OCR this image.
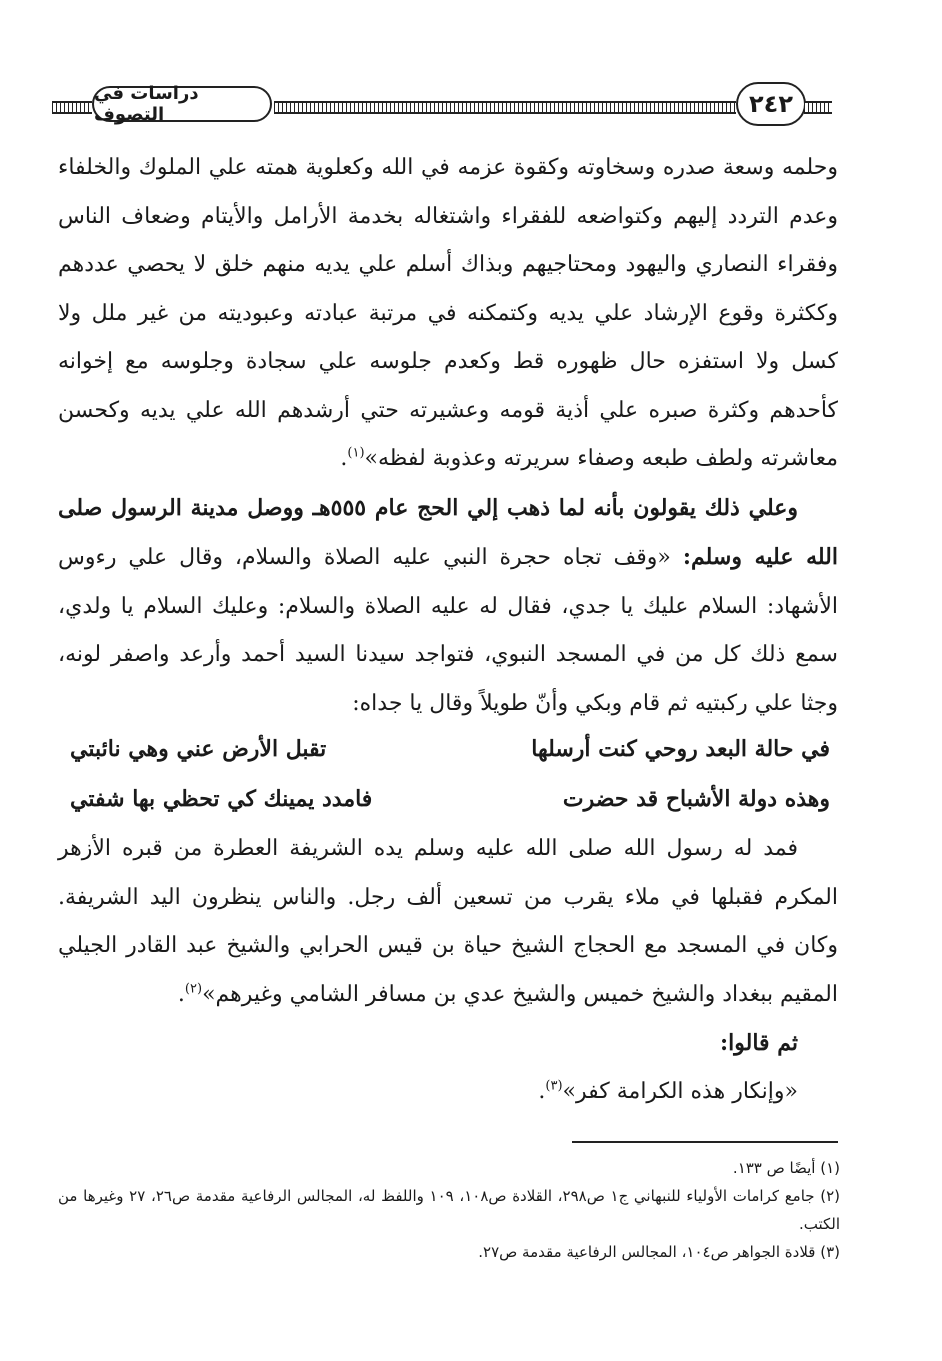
دراسات في التصوف	٢٤٢

وحلمه وسعة صدره وسخاوته وكقوة عزمه في الله وكعلوية همته علي الملوك والخلفاء وعدم التردد إليهم وكتواضعه للفقراء واشتغاله بخدمة الأرامل والأيتام وضعاف الناس وفقراء النصاري واليهود ومحتاجيهم وبذاك أسلم علي يديه منهم خلق لا يحصي عددهم وككثرة وقوع الإرشاد علي يديه وكتمكنه في مرتبة عبادته وعبوديته من غير ملل ولا كسل ولا استفزه حال ظهوره قط وكعدم جلوسه علي سجادة وجلوسه مع إخوانه كأحدهم وكثرة صبره علي أذية قومه وعشيرته حتي أرشدهم الله علي يديه وكحسن معاشرته ولطف طبعه وصفاء سريرته وعذوبة لفظه»$^{(١)}$.

وعلي ذلك يقولون بأنه لما ذهب إلي الحج عام ٥٥٥هـ ووصل مدينة الرسول صلى الله عليه وسلم: «وقف تجاه حجرة النبي عليه الصلاة والسلام، وقال علي رءوس الأشهاد: السلام عليك يا جدي، فقال له عليه الصلاة والسلام: وعليك السلام يا ولدي، سمع ذلك كل من في المسجد النبوي، فتواجد سيدنا السيد أحمد وأرعد واصفر لونه، وجثا علي ركبتيه ثم قام وبكي وأنّ طويلاً وقال يا جداه:

في حالة البعد روحي كنت أرسلها
تقبل الأرض عني وهي نائبتي
وهذه دولة الأشباح قد حضرت
فامدد يمينك كي تحظي بها شفتي

فمد له رسول الله صلى الله عليه وسلم يده الشريفة العطرة من قبره الأزهر المكرم فقبلها في ملاء يقرب من تسعين ألف رجل. والناس ينظرون اليد الشريفة. وكان في المسجد مع الحجاج الشيخ حياة بن قيس الحرابي والشيخ عبد القادر الجيلي المقيم ببغداد والشيخ خميس والشيخ عدي بن مسافر الشامي وغيرهم»$^{(٢)}$.

ثم قالوا:

«وإنكار هذه الكرامة كفر»$^{(٣)}$.

(١) أيضًا ص ١٣٣.

(٢) جامع كرامات الأولياء للنبهاني ج١ ص٢٩٨، القلادة ص١٠٨، ١٠٩ واللفظ له، المجالس الرفاعية مقدمة ص٢٦، ٢٧ وغيرها من الكتب.

(٣) قلادة الجواهر ص١٠٤، المجالس الرفاعية مقدمة ص٢٧.
